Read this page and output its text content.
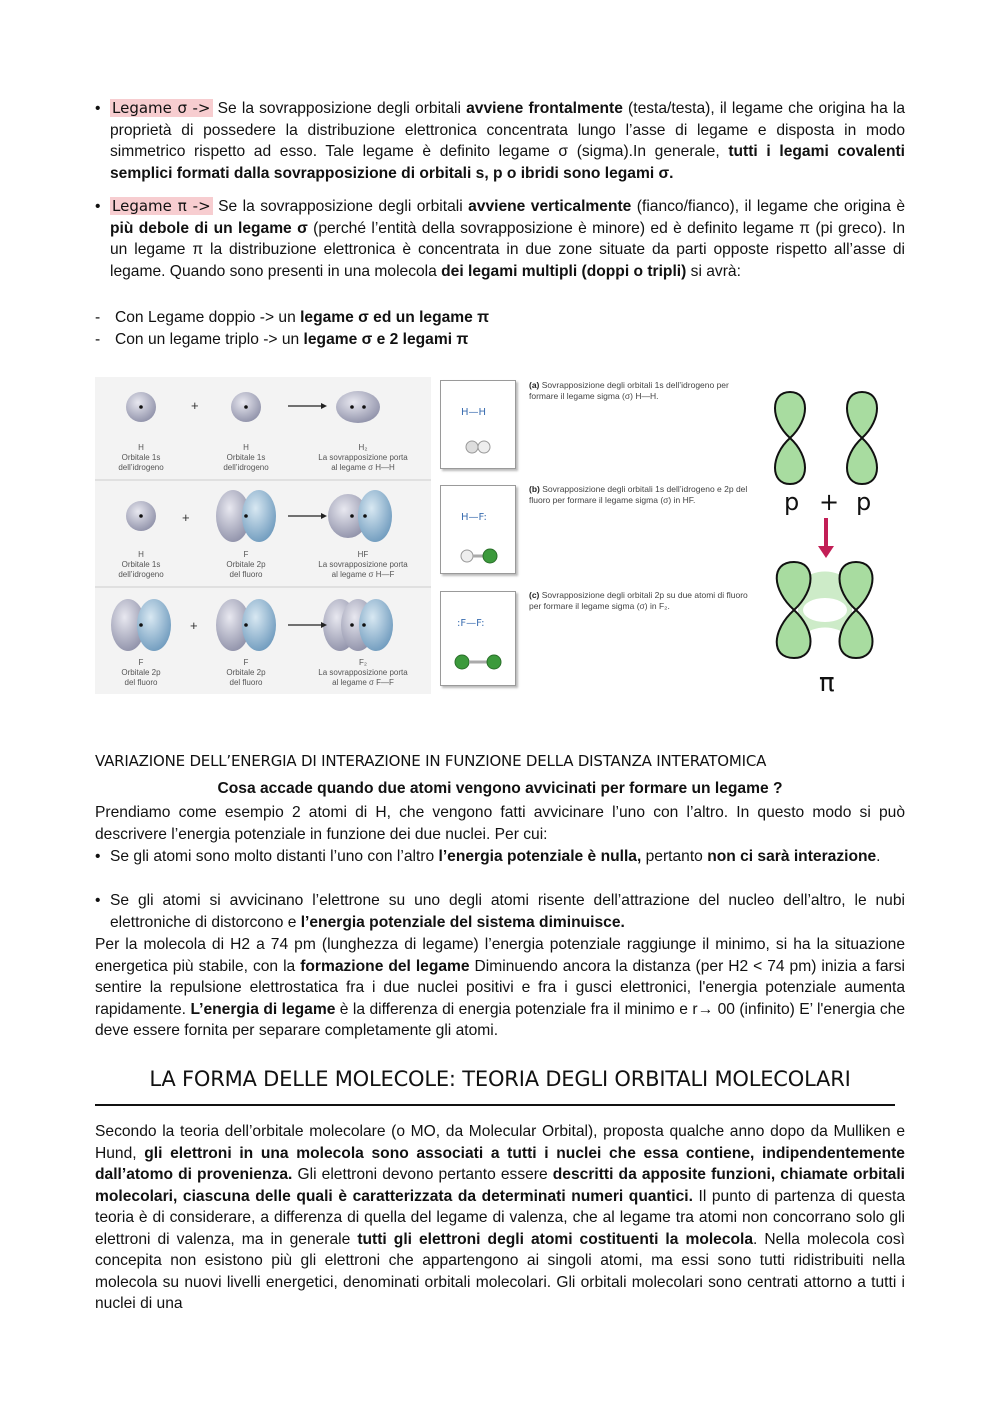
• Legame σ -> Se la sovrapposizione degli orbitali avviene frontalmente (testa/testa), il legame che origina ha la proprietà di possedere la distribuzione elettronica concentrata lungo l’asse di legame e disposta in modo simmetrico rispetto ad esso. Tale legame è definito legame σ (sigma).In generale, tutti i legami covalenti semplici formati dalla sovrapposizione di orbitali s, p o ibridi sono legami σ.
• Legame π -> Se la sovrapposizione degli orbitali avviene verticalmente (fianco/fianco), il legame che origina è più debole di un legame σ (perché l’entità della sovrapposizione è minore) ed è definito legame π (pi greco). In un legame π la distribuzione elettronica è concentrata in due zone situate da parti opposte rispetto all’asse di legame. Quando sono presenti in una molecola dei legami multipli (doppi o tripli) si avrà:
- Con Legame doppio -> un legame σ ed un legame π
- Con un legame triplo -> un legame σ e 2 legami π
+
+
+
H
Orbitale 1s
dell’idrogeno
H
Orbitale 1s
dell’idrogeno
H₂
La sovrapposizione porta
al legame σ H—H
H
Orbitale 1s
dell’idrogeno
F
Orbitale 2p
del fluoro
HF
La sovrapposizione porta
al legame σ H—F
F
Orbitale 2p
del fluoro
F
Orbitale 2p
del fluoro
F₂
La sovrapposizione porta
al legame σ F—F
H—H
H—F:
:F—F:
(a) Sovrapposizione degli orbitali 1s dell’idrogeno per formare il legame sigma (σ) H—H.
(b) Sovrapposizione degli orbitali 1s dell’idrogeno e 2p del fluoro per formare il legame sigma (σ) in HF.
(c) Sovrapposizione degli orbitali 2p su due atomi di fluoro per formare il legame sigma (σ) in F₂.
p + p
π
VARIAZIONE DELL’ENERGIA DI INTERAZIONE IN FUNZIONE DELLA DISTANZA INTERATOMICA
Cosa accade quando due atomi vengono avvicinati per formare un legame ?
Prendiamo come esempio 2 atomi di H, che vengono fatti avvicinare l’uno con l’altro. In questo modo si può descrivere l’energia potenziale in funzione dei due nuclei. Per cui:
• Se gli atomi sono molto distanti l’uno con l’altro l’energia potenziale è nulla, pertanto non ci sarà interazione.
• Se gli atomi si avvicinano l’elettrone su uno degli atomi risente dell’attrazione del nucleo dell’altro, le nubi elettroniche di distorcono e l’energia potenziale del sistema diminuisce.
Per la molecola di H2 a 74 pm (lunghezza di legame) l’energia potenziale raggiunge il minimo, si ha la situazione energetica più stabile, con la formazione del legame Diminuendo ancora la distanza (per H2 < 74 pm) inizia a farsi sentire la repulsione elettrostatica fra i due nuclei positivi e fra i gusci elettronici, l'energia potenziale aumenta rapidamente. L’energia di legame è la differenza di energia potenziale fra il minimo e r→ 00 (infinito) E’ l'energia che deve essere fornita per separare completamente gli atomi.
LA FORMA DELLE MOLECOLE: TEORIA DEGLI ORBITALI MOLECOLARI
Secondo la teoria dell’orbitale molecolare (o MO, da Molecular Orbital), proposta qualche anno dopo da Mulliken e Hund, gli elettroni in una molecola sono associati a tutti i nuclei che essa contiene, indipendentemente dall’atomo di provenienza. Gli elettroni devono pertanto essere descritti da apposite funzioni, chiamate orbitali molecolari, ciascuna delle quali è caratterizzata da determinati numeri quantici. Il punto di partenza di questa teoria è di considerare, a differenza di quella del legame di valenza, che al legame tra atomi non concorrano solo gli elettroni di valenza, ma in generale tutti gli elettroni degli atomi costituenti la molecola. Nella molecola così concepita non esistono più gli elettroni che appartengono ai singoli atomi, ma essi sono tutti ridistribuiti nella molecola su nuovi livelli energetici, denominati orbitali molecolari. Gli orbitali molecolari sono centrati attorno a tutti i nuclei di una
